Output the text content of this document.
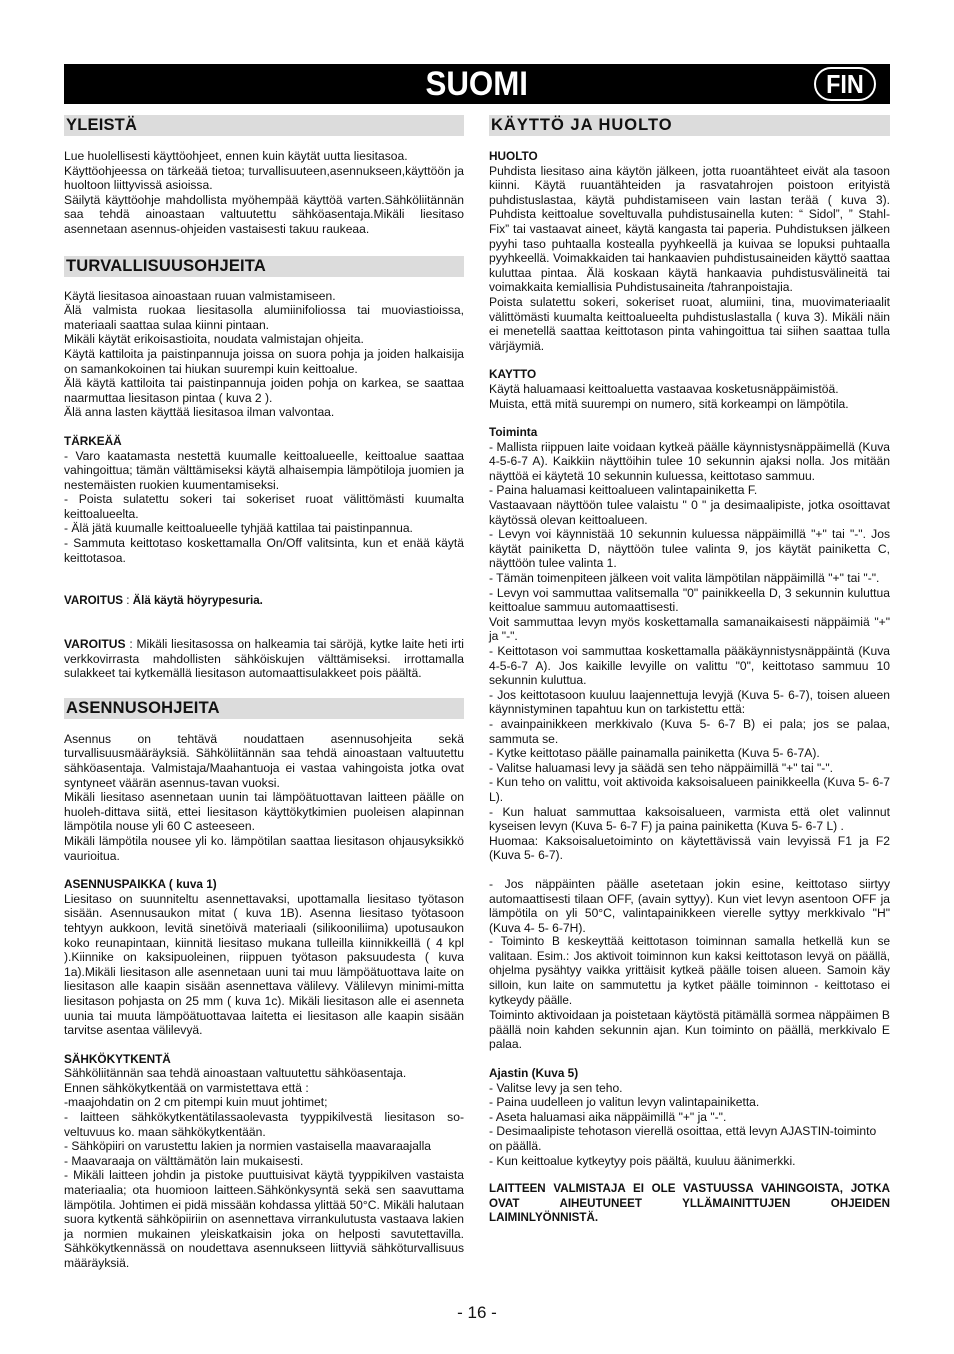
SUOMI	FIN
YLEISTÄ
Lue huolellisesti käyttöohjeet, ennen kuin käytät uutta liesitasoa.
Käyttöohjeessa on tärkeää tietoa; turvallisuuteen,asennukseen,käyttöön ja huoltoon liittyvissä asioissa.
Säilytä käyttöohje mahdollista myöhempää käyttöä varten.Sähköliitännän saa tehdä ainoastaan valtuutettu sähköasentaja.Mikäli liesitaso asennetaan asennus-ohjeiden vastaisesti takuu raukeaa.
TURVALLISUUSOHJEITA
Käytä liesitasoa ainoastaan ruuan valmistamiseen.
Älä valmista ruokaa liesitasolla alumiinifoliossa tai muoviastioissa, materiaali saattaa sulaa kiinni pintaan.
Mikäli käytät erikoisastioita, noudata valmistajan ohjeita.
Käytä kattiloita ja paistinpannuja joissa on suora pohja ja joiden halkaisija on samankokoinen tai hiukan suurempi kuin keittoalue.
Älä käytä kattiloita tai paistinpannuja joiden pohja on karkea, se saattaa naarmuttaa liesitason pintaa ( kuva 2 ).
Älä anna lasten käyttää liesitasoa ilman valvontaa.
TÄRKEÄÄ
- Varo kaatamasta nestettä kuumalle keittoalueelle, keittoalue saattaa vahingoittua; tämän välttämiseksi käytä alhaisempia lämpötiloja juomien ja nestemäisten ruokien kuumentamiseksi.
- Poista sulatettu sokeri tai sokeriset ruoat välittömästi kuumalta keittoalueelta.
- Älä jätä kuumalle keittoalueelle tyhjää kattilaa tai paistinpannua.
- Sammuta keittotaso koskettamalla On/Off valitsinta, kun et enää käytä keittotasoa.

VAROITUS : Älä käytä höyrypesuria.

VAROITUS : Mikäli liesitasossa on halkeamia tai säröjä, kytke laite heti irti verkkovirrasta mahdollisten sähköiskujen välttämiseksi. irrottamalla sulakkeet tai kytkemällä liesitason automaattisulakkeet pois päältä.

ASENNUSOHJEITA
Asennus on tehtävä noudattaen asennusohjeita sekä turvallisuusmääräyksiä. Sähköliitännän saa tehdä ainoastaan valtuutettu sähköasentaja. Valmistaja/Maahantuoja ei vastaa vahingoista jotka ovat syntyneet väärän asennus-tavan vuoksi.
Mikäli liesitaso asennetaan uunin tai lämpöätuottavan laitteen päälle on huoleh-dittava siitä, ettei liesitason käyttökytkimien puoleisen alapinnan lämpötila nouse yli 60 C asteeseen.
Mikäli lämpötila nousee yli ko. lämpötilan saattaa liesitason ohjausyksikkö vaurioitua.
ASENNUSPAIKKA ( kuva 1)
Liesitaso on suunniteltu asennettavaksi, upottamalla liesitaso työtason sisään. Asennusaukon mitat ( kuva 1B). Asenna liesitaso työtasoon tehtyyn aukkoon, levitä sinetöivä materiaali (silikooniliima) upotusaukon koko reunapintaan, kiinnitä liesitaso mukana tulleilla kiinnikkeillä ( 4 kpl ).Kiinnike on kaksipuoleinen, riippuen työtason paksuudesta ( kuva 1a).Mikäli liesitason alle asennetaan uuni tai muu lämpöätuottava laite on liesitason alle kaapin sisään asennettava välilevy. Välilevyn minimi-mitta liesitason pohjasta on 25 mm ( kuva 1c). Mikäli liesitason alle ei asenneta uunia tai muuta lämpöätuottavaa laitetta ei liesitason alle kaapin sisään tarvitse asentaa välilevyä.
SÄHKÖKYTKENTÄ
Sähköliitännän saa tehdä ainoastaan valtuutettu sähköasentaja.
Ennen sähkökytkentää on varmistettava että :
-maajohdatin on 2 cm pitempi kuin muut johtimet;
- laitteen sähkökytkentätilassaolevasta tyyppikilvestä liesitason so-veltuvuus ko. maan sähkökytkentään.
- Sähköpiiri on varustettu lakien ja normien vastaisella maavaraajalla
- Maavaraaja on välttämätön lain mukaisesti.
- Mikäli laitteen johdin ja pistoke puuttuisivat käytä tyyppikilven vastaista materiaalia; ota huomioon laitteen.Sähkönkysyntä sekä sen saavuttama lämpötila. Johtimen ei pidä missään kohdassa ylittää 50°C. Mikäli halutaan suora kytkentä sähköpiiriin on asennettava virrankulutusta vastaava lakien ja normien mukainen yleiskatkaisin joka on helposti savutettavilla. Sähkökytkennässä on noudettava asennukseen liittyviä sähköturvallisuus määräyksiä.
KÄYTTÖ JA HUOLTO
HUOLTO
Puhdista liesitaso aina käytön jälkeen, jotta ruoantähteet eivät ala tasoon kiinni. Käytä ruuantähteiden ja rasvatahrojen poistoon erityistä puhdistuslastaa, käytä puhdistamiseen vain lastan terää ( kuva 3). Puhdista keittoalue soveltuvalla puhdistusainella kuten: “ Sidol”, ” Stahl-Fix” tai vastaavat aineet, käytä kangasta tai paperia. Puhdistuksen jälkeen pyyhi taso puhtaalla kostealla pyyhkeellä ja kuivaa se lopuksi puhtaalla pyyhkeellä. Voimakkaiden tai hankaavien puhdistusaineiden käyttö saattaa kuluttaa pintaa. Älä koskaan käytä hankaavia puhdistusvälineitä tai voimakkaita kemiallisia Puhdistusaineita /tahranpoistajia.
Poista sulatettu sokeri, sokeriset ruoat, alumiini, tina, muovimateriaalit välittömästi kuumalta keittoalueelta puhdistuslastalla ( kuva 3). Mikäli näin ei menetellä saattaa keittotason pinta vahingoittua tai siihen saattaa tulla värjäymiä.
KAYTTO
Käytä haluamaasi keittoaluetta vastaavaa kosketusnäppäimistöä.
Muista, että mitä suurempi on numero, sitä korkeampi on lämpötila.
Toiminta
- Mallista riippuen laite voidaan kytkeä päälle käynnistysnäppäimellä (Kuva 4-5-6-7 A). Kaikkiin näyttöihin tulee 10 sekunnin ajaksi nolla. Jos mitään näyttöä ei käytetä 10 sekunnin kuluessa, keittotaso sammuu.
- Paina haluamasi keittoalueen valintapainiketta F.
Vastaavaan näyttöön tulee valaistu " 0 " ja desimaalipiste, jotka osoittavat käytössä olevan keittoalueen.
- Levyn voi käynnistää 10 sekunnin kuluessa näppäimillä "+" tai "-". Jos käytät painiketta D, näyttöön tulee valinta 9, jos käytät painiketta C, näyttöön tulee valinta 1.
- Tämän toimenpiteen jälkeen voit valita lämpötilan näppäimillä "+" tai "-".
- Levyn voi sammuttaa valitsemalla "0" painikkeella D, 3 sekunnin kuluttua keittoalue sammuu automaattisesti.
Voit sammuttaa levyn myös koskettamalla samanaikaisesti näppäimiä "+" ja "-".
- Keittotason voi sammuttaa koskettamalla pääkäynnistysnäppäintä (Kuva 4-5-6-7 A). Jos kaikille levyille on valittu "0", keittotaso sammuu 10 sekunnin kuluttua.
- Jos keittotasoon kuuluu laajennettuja levyjä (Kuva 5- 6-7), toisen alueen käynnistyminen tapahtuu kun on tarkistettu että:
- avainpainikkeen merkkivalo (Kuva 5- 6-7 B) ei pala; jos se palaa, sammuta se.
- Kytke keittotaso päälle painamalla painiketta (Kuva 5- 6-7A).
- Valitse haluamasi levy ja säädä sen teho näppäimillä "+" tai "-".
- Kun teho on valittu, voit aktivoida kaksoisalueen painikkeella (Kuva 5- 6-7 L).
- Kun haluat sammuttaa kaksoisalueen, varmista että olet valinnut kyseisen levyn (Kuva 5- 6-7 F) ja paina painiketta (Kuva 5- 6-7 L) .
Huomaa: Kaksoisaluetoiminto on käytettävissä vain levyissä F1 ja F2 (Kuva 5- 6-7).
- Jos näppäinten päälle asetetaan jokin esine, keittotaso siirtyy automaattisesti tilaan OFF, (avain syttyy). Kun viet levyn asentoon OFF ja lämpötila on yli 50°C, valintapainikkeen vierelle syttyy merkkivalo "H" (Kuva 4- 5- 6-7H).
- Toiminto B keskeyttää keittotason toiminnan samalla hetkellä kun se valitaan. Esim.: Jos aktivoit toiminnon kun kaksi keittotason levyä on päällä, ohjelma pysähtyy vaikka yrittäisit kytkeä päälle toisen alueen. Samoin käy silloin, kun laite on sammutettu ja kytket päälle toiminnon - keittotaso ei kytkeydy päälle.
Toiminto aktivoidaan ja poistetaan käytöstä pitämällä sormea näppäimen B päällä noin kahden sekunnin ajan. Kun toiminto on päällä, merkkivalo E palaa.
Ajastin (Kuva 5)
- Valitse levy ja sen teho.
- Paina uudelleen jo valitun levyn valintapainiketta.
- Aseta haluamasi aika näppäimillä "+" ja "-".
- Desimaalipiste tehotason vierellä osoittaa, että levyn AJASTIN-toiminto on päällä.
- Kun keittoalue kytkeytyy pois päältä, kuuluu äänimerkki.
LAITTEEN VALMISTAJA EI OLE VASTUUSSA VAHINGOISTA, JOTKA OVAT AIHEUTUNEET YLLÄMAINITTUJEN OHJEIDEN LAIMINLYÖNNISTÄ.
- 16 -
